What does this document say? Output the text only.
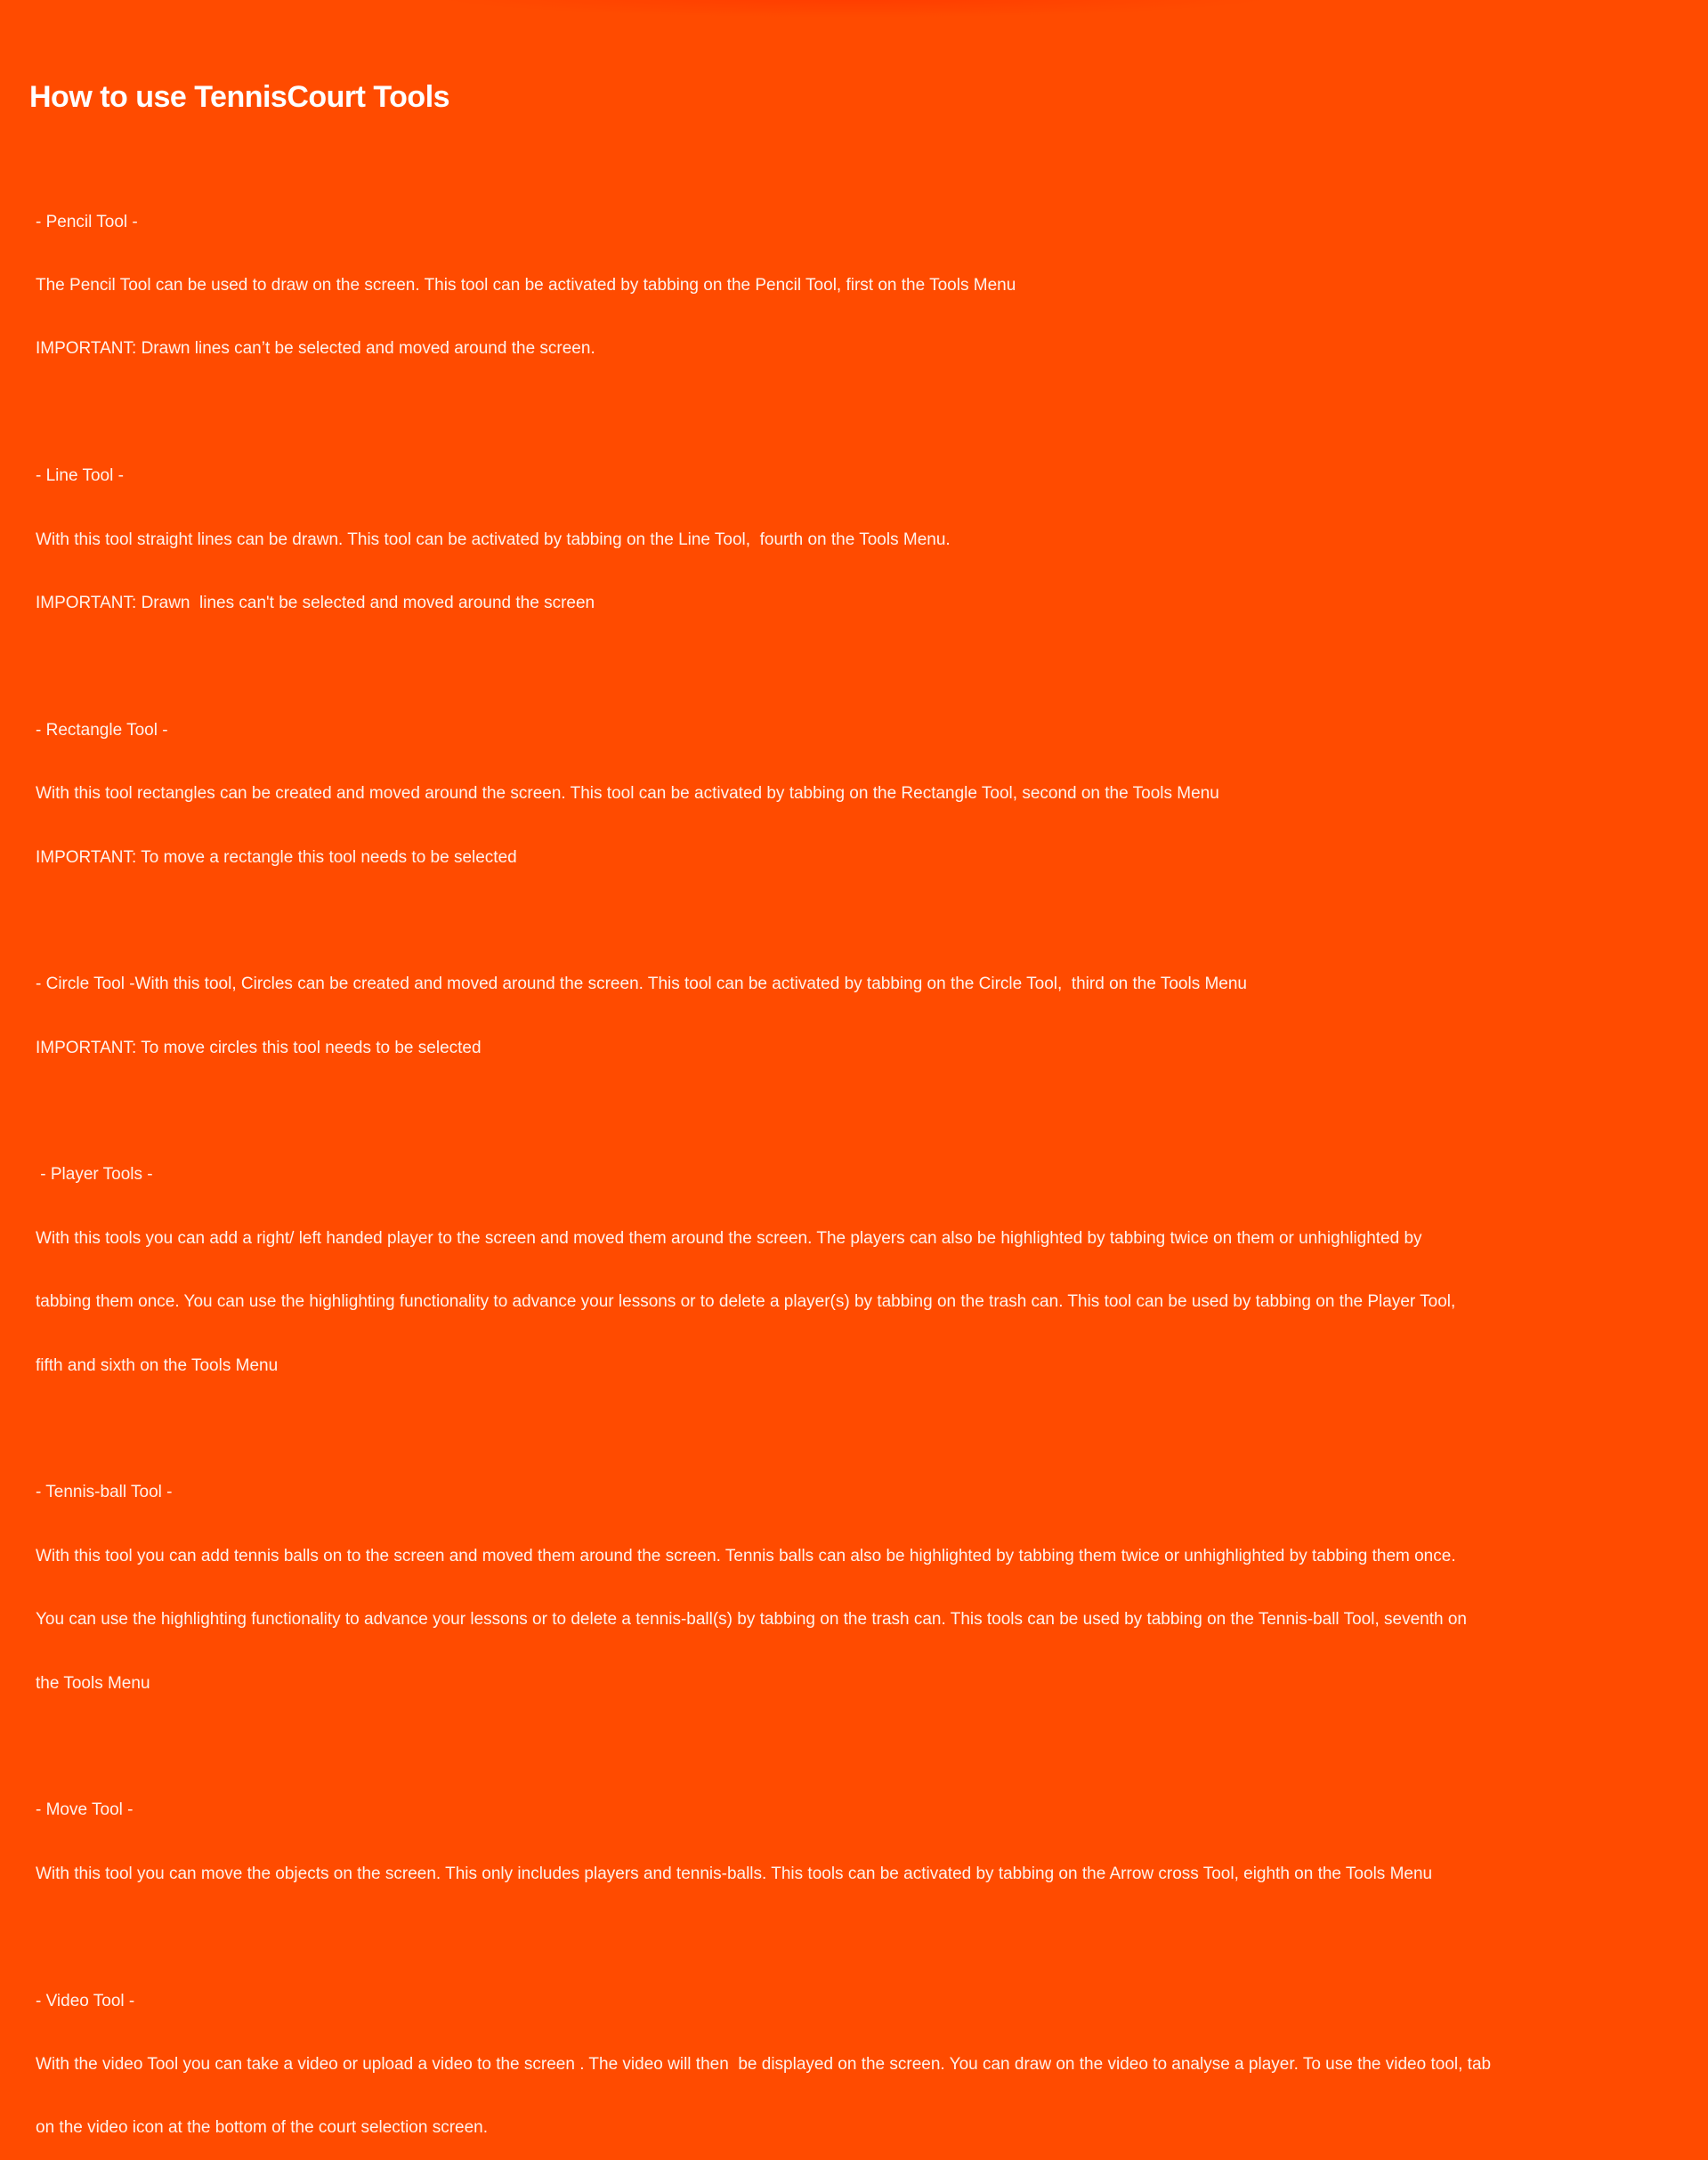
How to use TennisCourt Tools

- Pencil Tool -

The Pencil Tool can be used to draw on the screen. This tool can be activated by tabbing on the Pencil Tool, first on the Tools Menu

IMPORTANT: Drawn lines can’t be selected and moved around the screen.

- Line Tool -

With this tool straight lines can be drawn. This tool can be activated by tabbing on the Line Tool,  fourth on the Tools Menu.

IMPORTANT: Drawn  lines can't be selected and moved around the screen

- Rectangle Tool -

With this tool rectangles can be created and moved around the screen. This tool can be activated by tabbing on the Rectangle Tool, second on the Tools Menu

IMPORTANT: To move a rectangle this tool needs to be selected

- Circle Tool -With this tool, Circles can be created and moved around the screen. This tool can be activated by tabbing on the Circle Tool,  third on the Tools Menu

IMPORTANT: To move circles this tool needs to be selected

- Player Tools -

With this tools you can add a right/ left handed player to the screen and moved them around the screen. The players can also be highlighted by tabbing twice on them or unhighlighted by

tabbing them once. You can use the highlighting functionality to advance your lessons or to delete a player(s) by tabbing on the trash can. This tool can be used by tabbing on the Player Tool,

fifth and sixth on the Tools Menu

- Tennis-ball Tool -

With this tool you can add tennis balls on to the screen and moved them around the screen. Tennis balls can also be highlighted by tabbing them twice or unhighlighted by tabbing them once.

You can use the highlighting functionality to advance your lessons or to delete a tennis-ball(s) by tabbing on the trash can. This tools can be used by tabbing on the Tennis-ball Tool, seventh on

the Tools Menu

- Move Tool -

With this tool you can move the objects on the screen. This only includes players and tennis-balls. This tools can be activated by tabbing on the Arrow cross Tool, eighth on the Tools Menu

- Video Tool -

With the video Tool you can take a video or upload a video to the screen . The video will then  be displayed on the screen. You can draw on the video to analyse a player. To use the video tool, tab

on the video icon at the bottom of the court selection screen.
